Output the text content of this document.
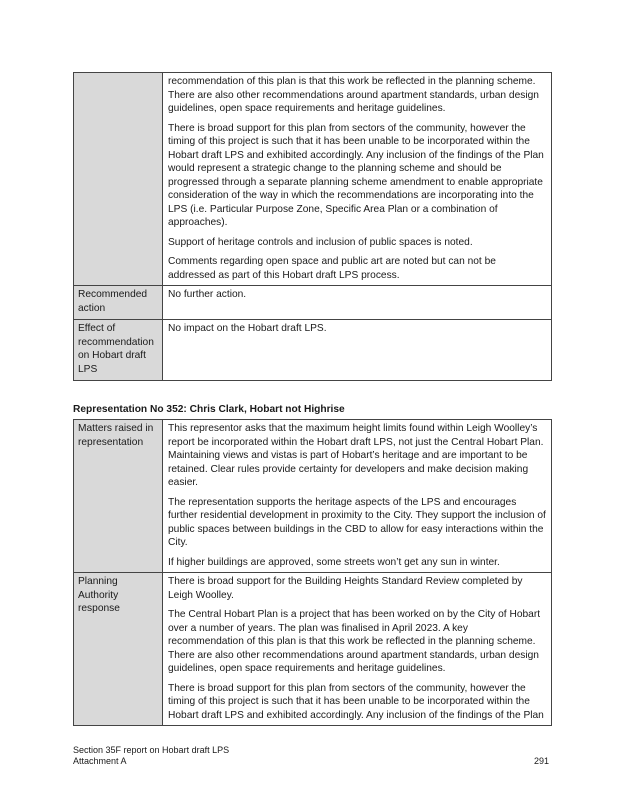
	recommendation of this plan is that this work be reflected in the planning scheme. There are also other recommendations around apartment standards, urban design guidelines, open space requirements and heritage guidelines.

There is broad support for this plan from sectors of the community, however the timing of this project is such that it has been unable to be incorporated within the Hobart draft LPS and exhibited accordingly. Any inclusion of the findings of the Plan would represent a strategic change to the planning scheme and should be progressed through a separate planning scheme amendment to enable appropriate consideration of the way in which the recommendations are incorporating into the LPS (i.e. Particular Purpose Zone, Specific Area Plan or a combination of approaches).

Support of heritage controls and inclusion of public spaces is noted.

Comments regarding open space and public art are noted but can not be addressed as part of this Hobart draft LPS process.

Recommended action	No further action.
Effect of recommendation on Hobart draft LPS	No impact on the Hobart draft LPS.
Representation No 352: Chris Clark, Hobart not Highrise
Matters raised in representation	This representor asks that the maximum height limits found within Leigh Woolley’s report be incorporated within the Hobart draft LPS, not just the Central Hobart Plan. Maintaining views and vistas is part of Hobart’s heritage and are important to be retained. Clear rules provide certainty for developers and make decision making easier.

The representation supports the heritage aspects of the LPS and encourages further residential development in proximity to the City. They support the inclusion of public spaces between buildings in the CBD to allow for easy interactions within the City.

If higher buildings are approved, some streets won’t get any sun in winter.

Planning Authority response	There is broad support for the Building Heights Standard Review completed by Leigh Woolley.

The Central Hobart Plan is a project that has been worked on by the City of Hobart over a number of years. The plan was finalised in April 2023. A key recommendation of this plan is that this work be reflected in the planning scheme. There are also other recommendations around apartment standards, urban design guidelines, open space requirements and heritage guidelines.

There is broad support for this plan from sectors of the community, however the timing of this project is such that it has been unable to be incorporated within the Hobart draft LPS and exhibited accordingly. Any inclusion of the findings of the Plan

Section 35F report on Hobart draft LPS
Attachment A	291
